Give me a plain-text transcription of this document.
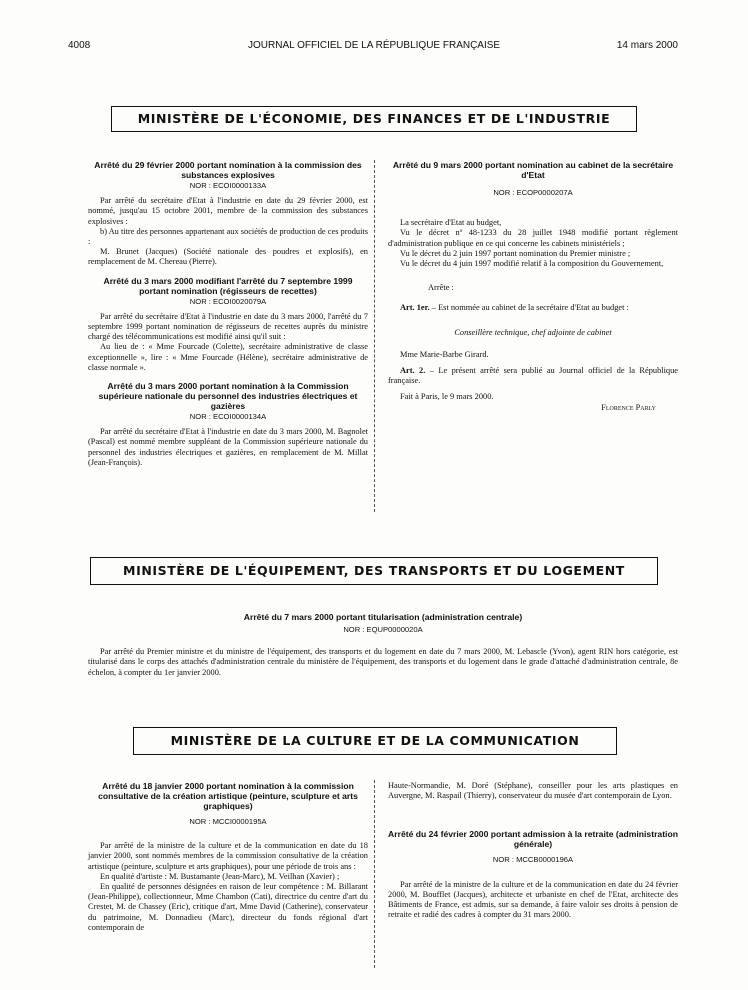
4008	JOURNAL OFFICIEL DE LA RÉPUBLIQUE FRANÇAISE	14 mars 2000
MINISTÈRE DE L'ÉCONOMIE, DES FINANCES ET DE L'INDUSTRIE

Arrêté du 29 février 2000 portant nomination à la commission des substances explosives

NOR : ECOI0000133A

Par arrêté du secrétaire d'Etat à l'industrie en date du 29 février 2000, est nommé, jusqu'au 15 octobre 2001, membre de la commission des substances explosives :

b) Au titre des personnes appartenant aux sociétés de production de ces produits :

M. Brunet (Jacques) (Société nationale des poudres et explosifs), en remplacement de M. Chereau (Pierre).

Arrêté du 3 mars 2000 modifiant l'arrêté du 7 septembre 1999 portant nomination (régisseurs de recettes)

NOR : ECOI0020079A

Par arrêté du secrétaire d'Etat à l'industrie en date du 3 mars 2000, l'arrêté du 7 septembre 1999 portant nomination de régisseurs de recettes auprès du ministre chargé des télécommunications est modifié ainsi qu'il suit :

Au lieu de : « Mme Fourcade (Colette), secrétaire administrative de classe exceptionnelle », lire : « Mme Fourcade (Hélène), secrétaire administrative de classe normale ».

Arrêté du 3 mars 2000 portant nomination à la Commission supérieure nationale du personnel des industries électriques et gazières

NOR : ECOI0000134A

Par arrêté du secrétaire d'Etat à l'industrie en date du 3 mars 2000, M. Bagnolet (Pascal) est nommé membre suppléant de la Commission supérieure nationale du personnel des industries électriques et gazières, en remplacement de M. Millat (Jean-François).

Arrêté du 9 mars 2000 portant nomination au cabinet de la secrétaire d'Etat

NOR : ECOP0000207A

La secrétaire d'Etat au budget,

Vu le décret nº 48-1233 du 28 juillet 1948 modifié portant règlement d'administration publique en ce qui concerne les cabinets ministériels ;

Vu le décret du 2 juin 1997 portant nomination du Premier ministre ;

Vu le décret du 4 juin 1997 modifié relatif à la composition du Gouvernement,

Arrête :

Art. 1er. – Est nommée au cabinet de la secrétaire d'Etat au budget :

Conseillère technique, chef adjointe de cabinet

Mme Marie-Barbe Girard.

Art. 2. – Le présent arrêté sera publié au Journal officiel de la République française.

Fait à Paris, le 9 mars 2000.

Florence Parly

MINISTÈRE DE L'ÉQUIPEMENT, DES TRANSPORTS ET DU LOGEMENT

Arrêté du 7 mars 2000 portant titularisation (administration centrale)

NOR : EQUP0000020A

Par arrêté du Premier ministre et du ministre de l'équipement, des transports et du logement en date du 7 mars 2000, M. Lebascle (Yvon), agent RIN hors catégorie, est titularisé dans le corps des attachés d'administration centrale du ministère de l'équipement, des transports et du logement dans le grade d'attaché d'administration centrale, 8e échelon, à compter du 1er janvier 2000.

MINISTÈRE DE LA CULTURE ET DE LA COMMUNICATION

Arrêté du 18 janvier 2000 portant nomination à la commission consultative de la création artistique (peinture, sculpture et arts graphiques)

NOR : MCCI0000195A

Par arrêté de la ministre de la culture et de la communication en date du 18 janvier 2000, sont nommés membres de la commission consultative de la création artistique (peinture, sculpture et arts graphiques), pour une période de trois ans :

En qualité d'artiste : M. Bustamante (Jean-Marc), M. Veilhan (Xavier) ;

En qualité de personnes désignées en raison de leur compétence : M. Billarant (Jean-Philippe), collectionneur, Mme Chambon (Cati), directrice du centre d'art du Crestet, M. de Chassey (Eric), critique d'art, Mme David (Catherine), conservateur du patrimoine, M. Donnadieu (Marc), directeur du fonds régional d'art contemporain de

Haute-Normandie, M. Doré (Stéphane), conseiller pour les arts plastiques en Auvergne, M. Raspail (Thierry), conservateur du musée d'art contemporain de Lyon.

Arrêté du 24 février 2000 portant admission à la retraite (administration générale)

NOR : MCCB0000196A

Par arrêté de la ministre de la culture et de la communication en date du 24 février 2000, M. Boufflet (Jacques), architecte et urbaniste en chef de l'Etat, architecte des Bâtiments de France, est admis, sur sa demande, à faire valoir ses droits à pension de retraite et radié des cadres à compter du 31 mars 2000.
